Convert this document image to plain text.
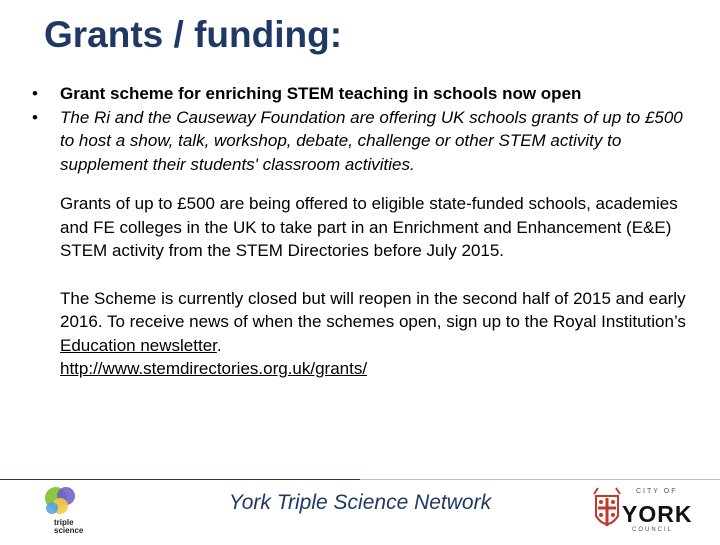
Grants / funding:
•	Grant scheme for enriching STEM teaching in schools now open
•	The Ri and the Causeway Foundation are offering UK schools grants of up to £500 to host a show, talk, workshop, debate, challenge or other STEM activity to supplement their students' classroom activities.
Grants of up to £500 are being offered to eligible state-funded schools, academies and FE colleges in the UK to take part in an Enrichment and Enhancement (E&E) STEM activity from the STEM Directories before July 2015.
The Scheme is currently closed but will reopen in the second half of 2015 and early 2016. To receive news of when the schemes open, sign up to the Royal Institution’s Education newsletter.
http://www.stemdirectories.org.uk/grants/
triple science
York Triple Science Network	CITY OF
YORK
COUNCIL
